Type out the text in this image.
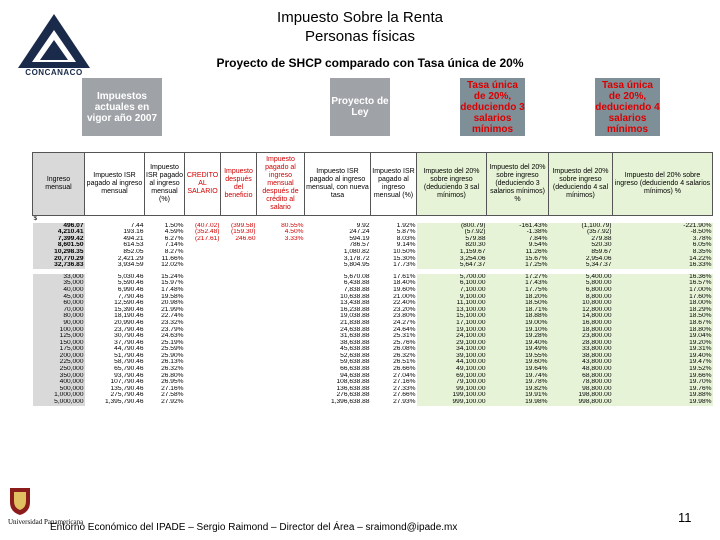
CONCANACO
Impuesto Sobre la Renta
Personas físicas
Proyecto de SHCP comparado con Tasa única de 20%
Impuestos actuales en vigor año 2007
Proyecto de Ley
Tasa única de 20%, deduciendo 3 salarios mínimos
Tasa única de 20%, deduciendo 4 salarios mínimos
Ingreso mensual	Impuesto ISR pagado al ingreso mensual	Impuesto ISR pagado al ingreso mensual (%)	CREDITO AL SALARIO	Impuesto después del beneficio	Impuesto pagado al ingreso mensual después de crédito al salario	Impuesto ISR pagado al ingreso mensual, con nueva tasa	Impuesto ISR pagado al ingreso mensual (%)	Impuesto del 20% sobre ingreso (deduciendo 3 sal mínimos)	Impuesto del 20% sobre ingreso (deduciendo 3 salarios mínimos) %	Impuesto del 20% sobre ingreso (deduciendo 4 sal mínimos)	Impuesto del 20% sobre ingreso (deduciendo 4 salarios mínimos) %
$											
496.07	7.44	1.50%	(407.02)	(399.58)	80.55%	9.92	1.92%	(800.79)	-161.43%	(1,100.79)	-221.90%
4,210.41	193.16	4.59%	(352.48)	(159.30)	4.50%	247.24	5.87%	(57.92)	-1.38%	(357.92)	-8.50%
7,399.42	494.21	6.27%	(217.61)	246.60	3.33%	594.19	8.03%	579.88	7.84%	279.88	3.78%
8,601.50	614.53	7.14%				786.57	9.14%	820.30	9.54%	520.30	6.05%
10,298.35	852.05	8.27%				1,080.82	10.50%	1,159.67	11.26%	859.67	8.35%
20,770.29	2,421.29	11.66%				3,178.72	15.30%	3,254.06	15.67%	2,954.06	14.22%
32,736.83	3,934.59	12.02%				5,804.95	17.73%	5,647.37	17.25%	5,347.37	16.33%

33,000	5,030.46	15.24%				5,670.08	17.61%	5,700.00	17.27%	5,400.00	16.36%
35,000	5,590.46	15.97%				6,438.88	18.40%	6,100.00	17.43%	5,800.00	16.57%
40,000	6,990.46	17.48%				7,838.88	19.60%	7,100.00	17.75%	6,800.00	17.00%
45,000	7,790.46	19.58%				10,638.88	21.00%	9,100.00	18.20%	8,800.00	17.60%
60,000	12,590.46	20.98%				13,438.88	22.40%	11,100.00	18.50%	10,800.00	18.00%
70,000	15,390.46	21.99%				16,238.88	23.20%	13,100.00	18.71%	12,800.00	18.29%
80,000	18,190.46	22.74%				19,038.88	23.80%	15,100.00	18.88%	14,800.00	18.50%
90,000	20,990.46	23.32%				21,838.88	24.27%	17,100.00	19.00%	16,800.00	18.67%
100,000	23,790.46	23.79%				24,638.88	24.64%	19,100.00	19.10%	18,800.00	18.80%
125,000	30,790.46	24.63%				31,638.88	25.31%	24,100.00	19.28%	23,800.00	19.04%
150,000	37,790.46	25.19%				38,638.88	25.76%	29,100.00	19.40%	28,800.00	19.20%
175,000	44,790.46	25.59%				45,638.88	26.08%	34,100.00	19.49%	33,800.00	19.31%
200,000	51,790.46	25.90%				52,638.88	26.32%	39,100.00	19.55%	38,800.00	19.40%
225,000	58,790.46	26.13%				59,638.88	26.51%	44,100.00	19.60%	43,800.00	19.47%
250,000	65,790.46	26.32%				66,638.88	26.66%	49,100.00	19.64%	48,800.00	19.52%
350,000	93,790.46	26.80%				94,638.88	27.04%	69,100.00	19.74%	68,800.00	19.66%
400,000	107,790.46	26.95%				108,638.88	27.16%	79,100.00	19.78%	78,800.00	19.70%
500,000	135,790.46	27.16%				136,638.88	27.33%	99,100.00	19.82%	98,800.00	19.76%
1,000,000	275,790.46	27.58%				276,638.88	27.66%	199,100.00	19.91%	198,800.00	19.88%
5,000,000	1,395,790.46	27.92%				1,396,638.88	27.93%	999,100.00	19.98%	998,800.00	19.98%
Universidad Panamericana
Entorno Económico del IPADE – Sergio Raimond – Director del Área – sraimond@ipade.mx
11
